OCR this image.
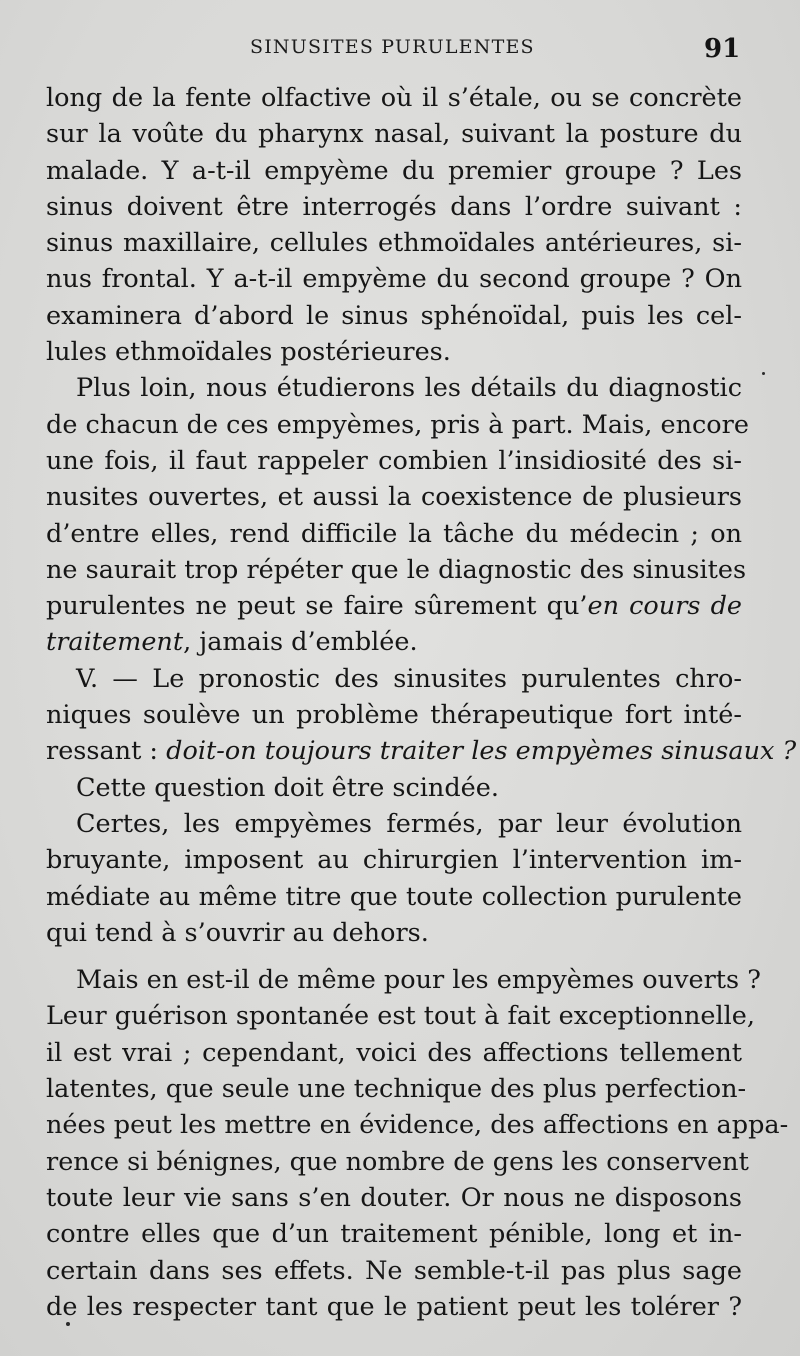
SINUSITES PURULENTES	91
long de la fente olfactive où il s’étale, ou se concrète
sur la voûte du pharynx nasal, suivant la posture du
malade. Y a-t-il empyème du premier groupe ? Les
sinus doivent être interrogés dans l’ordre suivant :
sinus maxillaire, cellules ethmoïdales antérieures, si-
nus frontal. Y a-t-il empyème du second groupe ? On
examinera d’abord le sinus sphénoïdal, puis les cel-
lules ethmoïdales postérieures.
Plus loin, nous étudierons les détails du diagnostic
de chacun de ces empyèmes, pris à part. Mais, encore
une fois, il faut rappeler combien l’insidiosité des si-
nusites ouvertes, et aussi la coexistence de plusieurs
d’entre elles, rend difficile la tâche du médecin ; on
ne saurait trop répéter que le diagnostic des sinusites
purulentes ne peut se faire sûrement qu’en cours de
traitement, jamais d’emblée.
V. — Le pronostic des sinusites purulentes chro-
niques soulève un problème thérapeutique fort inté-
ressant : doit-on toujours traiter les empyèmes sinusaux ?
Cette question doit être scindée.
Certes, les empyèmes fermés, par leur évolution
bruyante, imposent au chirurgien l’intervention im-
médiate au même titre que toute collection purulente
qui tend à s’ouvrir au dehors.
Mais en est-il de même pour les empyèmes ouverts ?
Leur guérison spontanée est tout à fait exceptionnelle,
il est vrai ; cependant, voici des affections tellement
latentes, que seule une technique des plus perfection-
nées peut les mettre en évidence, des affections en appa-
rence si bénignes, que nombre de gens les conservent
toute leur vie sans s’en douter. Or nous ne disposons
contre elles que d’un traitement pénible, long et in-
certain dans ses effets. Ne semble-t-il pas plus sage
de les respecter tant que le patient peut les tolérer ?
